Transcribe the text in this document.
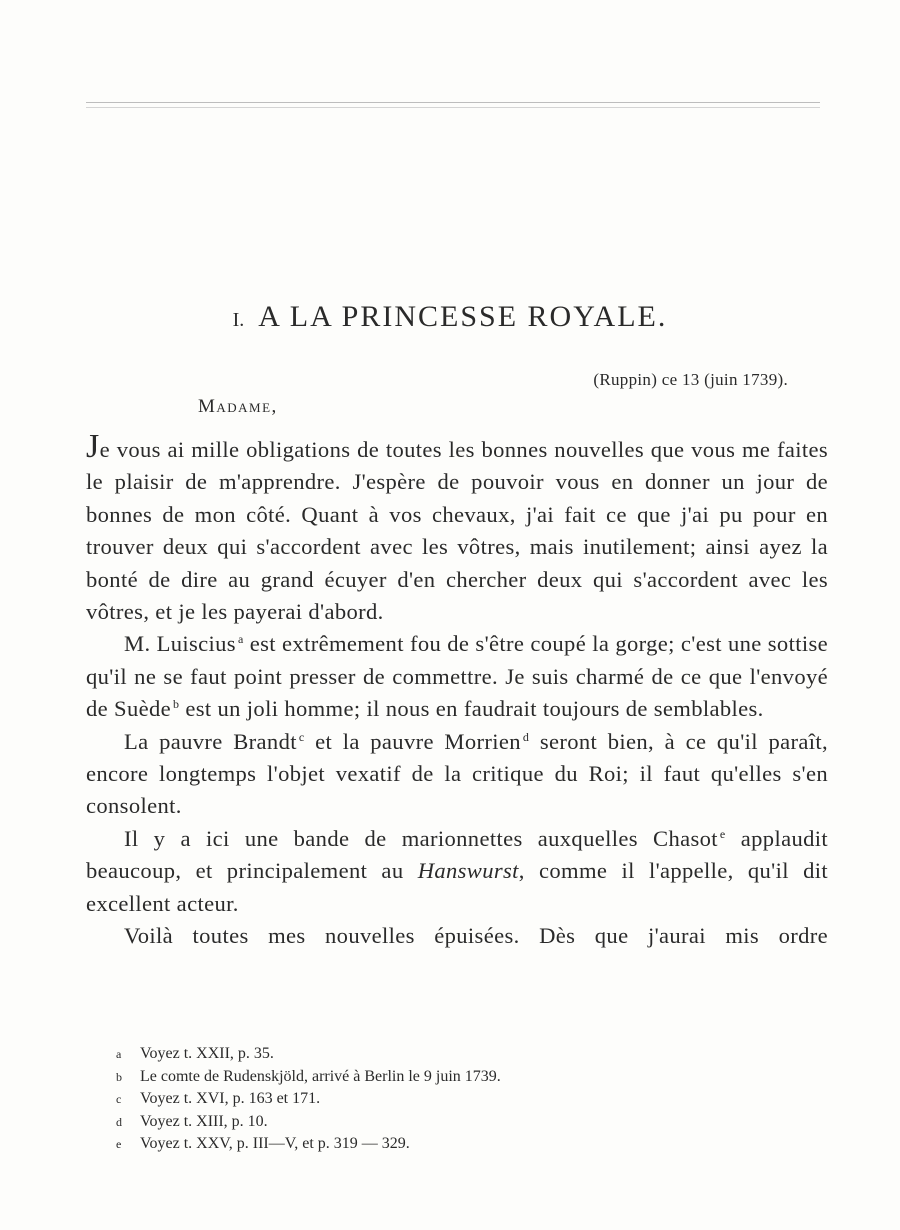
I. A LA PRINCESSE ROYALE.
(Ruppin) ce 13 (juin 1739).
Madame,

Je vous ai mille obligations de toutes les bonnes nouvelles que vous me faites le plaisir de m'apprendre. J'espère de pouvoir vous en donner un jour de bonnes de mon côté. Quant à vos chevaux, j'ai fait ce que j'ai pu pour en trouver deux qui s'accordent avec les vôtres, mais inutilement; ainsi ayez la bonté de dire au grand écuyer d'en chercher deux qui s'accordent avec les vôtres, et je les payerai d'abord.

M. Luiscius $^a$ est extrêmement fou de s'être coupé la gorge; c'est une sottise qu'il ne se faut point presser de commettre. Je suis charmé de ce que l'envoyé de Suède $^b$ est un joli homme; il nous en faudrait toujours de semblables.

La pauvre Brandt $^c$ et la pauvre Morrien $^d$ seront bien, à ce qu'il paraît, encore longtemps l'objet vexatif de la critique du Roi; il faut qu'elles s'en consolent.

Il y a ici une bande de marionnettes auxquelles Chasot $^e$ applaudit beaucoup, et principalement au Hanswurst, comme il l'appelle, qu'il dit excellent acteur.

Voilà toutes mes nouvelles épuisées. Dès que j'aurai mis ordre

a	Voyez t. XXII, p. 35.
b	Le comte de Rudenskjöld, arrivé à Berlin le 9 juin 1739.
c	Voyez t. XVI, p. 163 et 171.
d	Voyez t. XIII, p. 10.
e	Voyez t. XXV, p. III—V, et p. 319 — 329.
